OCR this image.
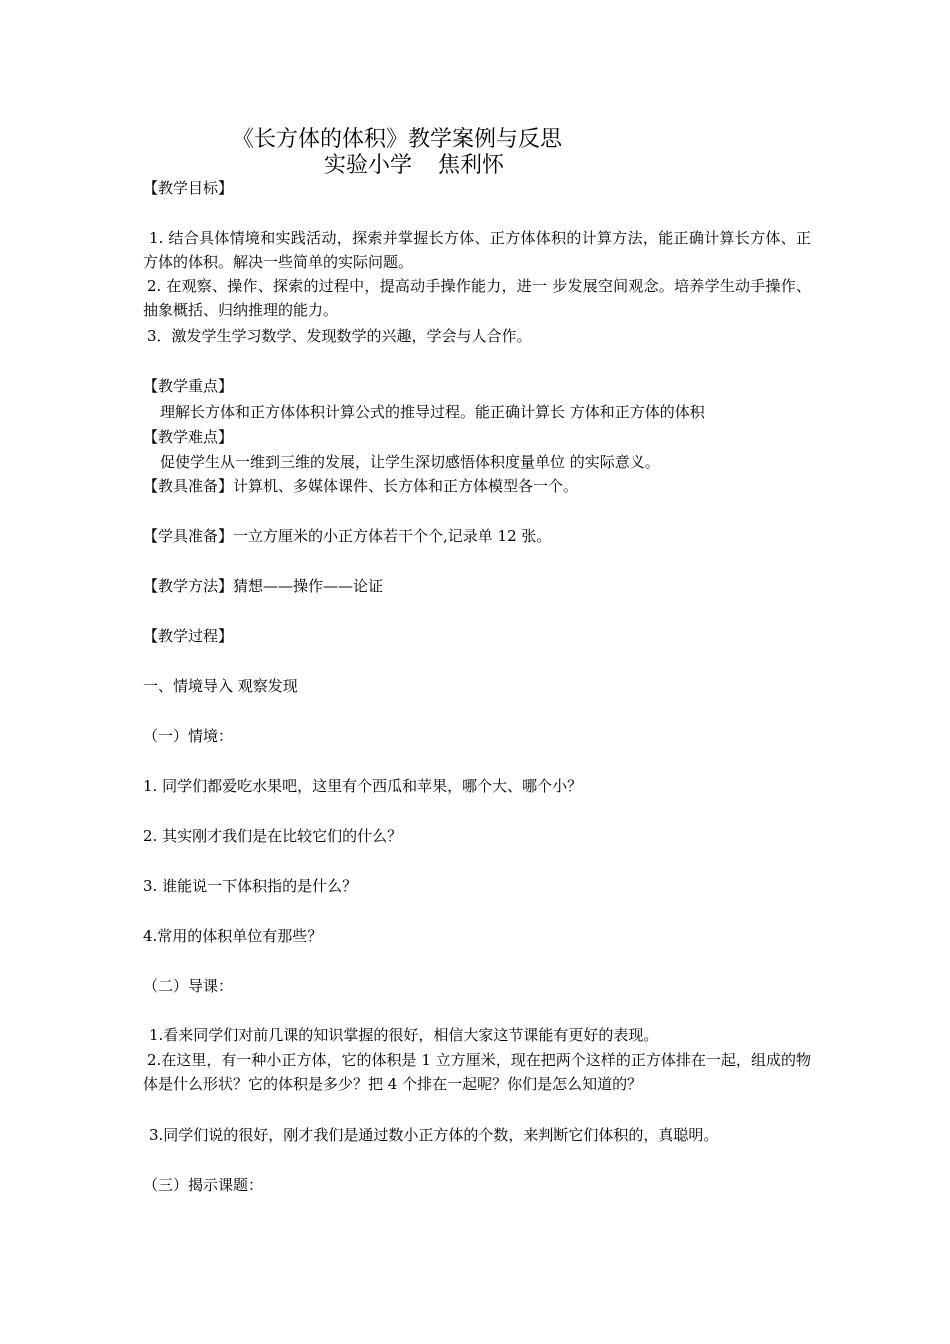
《长方体的体积》教学案例与反思
实验小学 焦利怀
【教学目标】
1. 结合具体情境和实践活动，探索并掌握长方体、正方体体积的计算方法，能正确计算长方体、正方体的体积。解决一些简单的实际问题。
2. 在观察、操作、探索的过程中，提高动手操作能力，进一 步发展空间观念。培养学生动手操作、抽象概括、归纳推理的能力。
3．激发学生学习数学、发现数学的兴趣，学会与人合作。
【教学重点】
理解长方体和正方体体积计算公式的推导过程。能正确计算长 方体和正方体的体积
【教学难点】
促使学生从一维到三维的发展，让学生深切感悟体积度量单位 的实际意义。
【教具准备】计算机、多媒体课件、长方体和正方体模型各一个。
【学具准备】一立方厘米的小正方体若干个个,记录单 12 张。
【教学方法】猜想——操作——论证
【教学过程】
一、情境导入 观察发现
（一）情境：
1. 同学们都爱吃水果吧，这里有个西瓜和苹果，哪个大、哪个小？
2. 其实刚才我们是在比较它们的什么？
3. 谁能说一下体积指的是什么？
4.常用的体积单位有那些？
（二）导课：
1.看来同学们对前几课的知识掌握的很好，相信大家这节课能有更好的表现。
2.在这里，有一种小正方体，它的体积是 1 立方厘米，现在把两个这样的正方体排在一起，组成的物体是什么形状？它的体积是多少？把 4 个排在一起呢？你们是怎么知道的？
3.同学们说的很好，刚才我们是通过数小正方体的个数，来判断它们体积的，真聪明。
（三）揭示课题：
